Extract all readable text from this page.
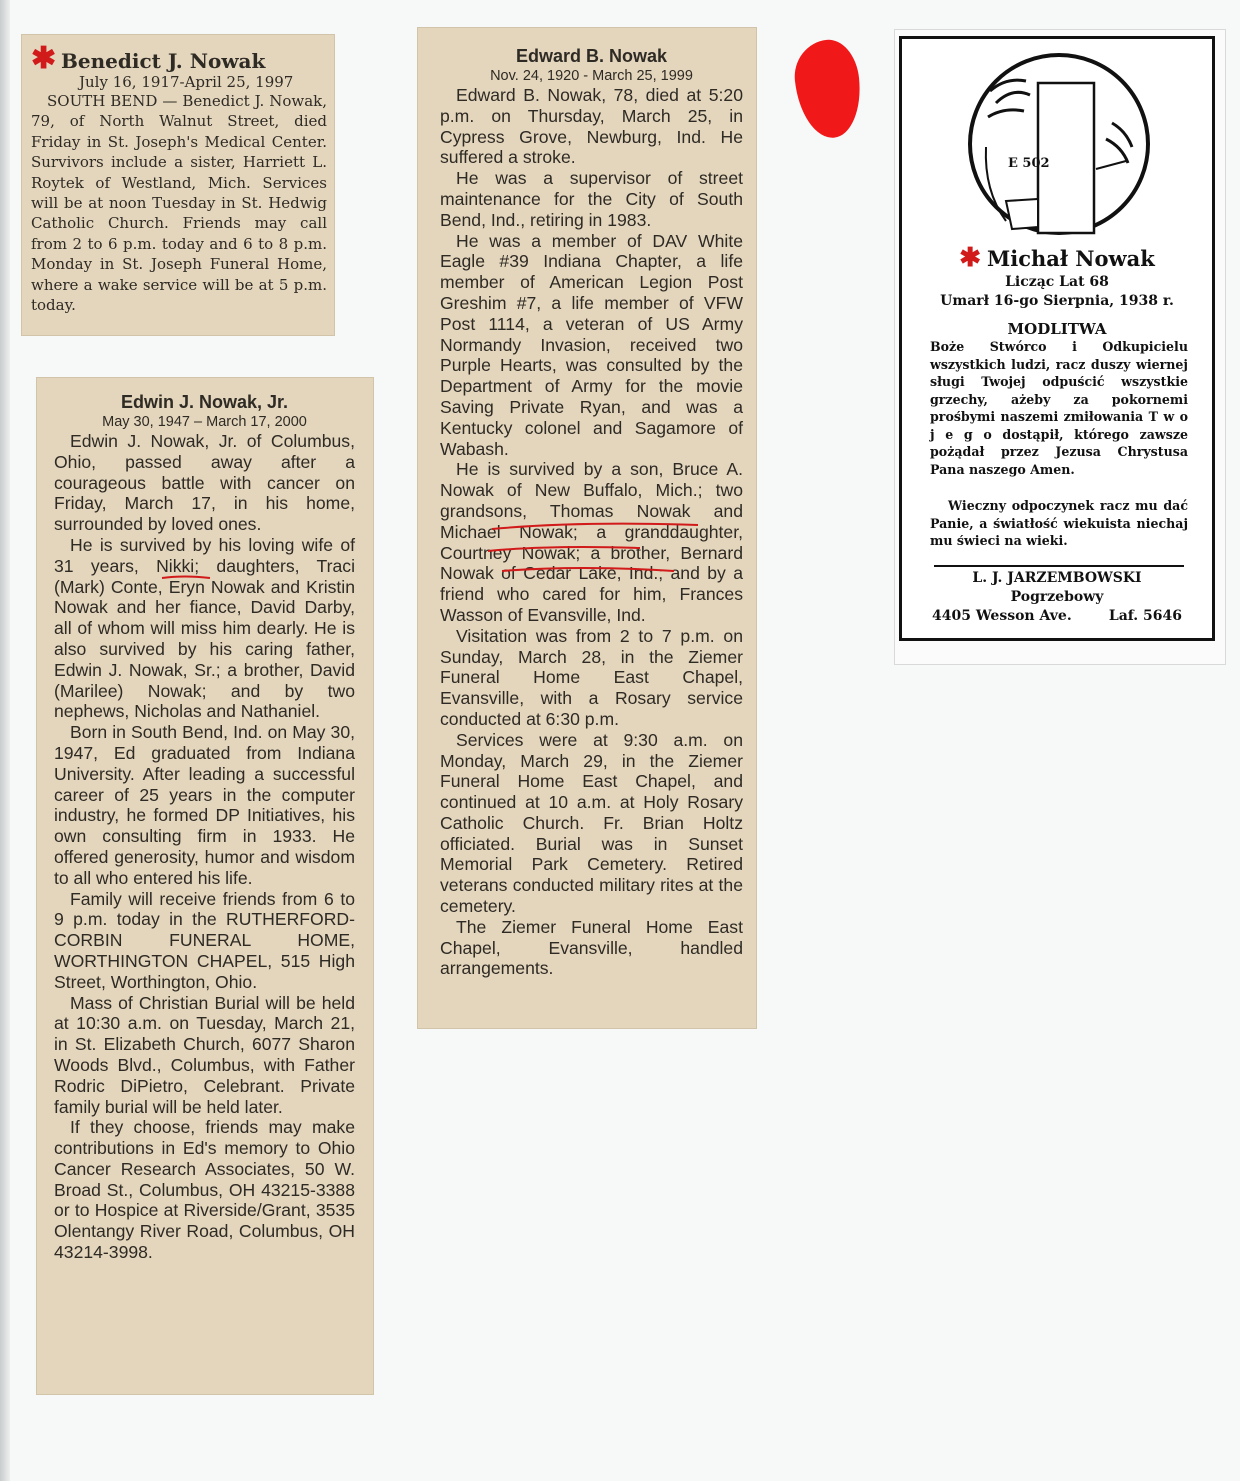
✱ Benedict J. Nowak
July 16, 1917-April 25, 1997

SOUTH BEND — Benedict J. Nowak, 79, of North Walnut Street, died Friday in St. Joseph's Medical Center. Survivors include a sister, Harriett L. Roytek of Westland, Mich. Services will be at noon Tuesday in St. Hedwig Catholic Church. Friends may call from 2 to 6 p.m. today and 6 to 8 p.m. Monday in St. Joseph Funeral Home, where a wake service will be at 5 p.m. today.

Edwin J. Nowak, Jr.
May 30, 1947 – March 17, 2000

Edwin J. Nowak, Jr. of Columbus, Ohio, passed away after a courageous battle with cancer on Friday, March 17, in his home, surrounded by loved ones.

He is survived by his loving wife of 31 years, Nikki; daughters, Traci (Mark) Conte, Eryn Nowak and Kristin Nowak and her fiance, David Darby, all of whom will miss him dearly. He is also survived by his caring father, Edwin J. Nowak, Sr.; a brother, David (Marilee) Nowak; and by two nephews, Nicholas and Nathaniel.

Born in South Bend, Ind. on May 30, 1947, Ed graduated from Indiana University. After leading a successful career of 25 years in the computer industry, he formed DP Initiatives, his own consulting firm in 1933. He offered generosity, humor and wisdom to all who entered his life.

Family will receive friends from 6 to 9 p.m. today in the RUTHERFORD-CORBIN FUNERAL HOME, WORTHINGTON CHAPEL, 515 High Street, Worthington, Ohio.

Mass of Christian Burial will be held at 10:30 a.m. on Tuesday, March 21, in St. Elizabeth Church, 6077 Sharon Woods Blvd., Columbus, with Father Rodric DiPietro, Celebrant. Private family burial will be held later.

If they choose, friends may make contributions in Ed's memory to Ohio Cancer Research Associates, 50 W. Broad St., Columbus, OH 43215-3388 or to Hospice at Riverside/Grant, 3535 Olentangy River Road, Columbus, OH 43214-3998.

Edward B. Nowak
Nov. 24, 1920 - March 25, 1999

Edward B. Nowak, 78, died at 5:20 p.m. on Thursday, March 25, in Cypress Grove, Newburg, Ind. He suffered a stroke.

He was a supervisor of street maintenance for the City of South Bend, Ind., retiring in 1983.

He was a member of DAV White Eagle #39 Indiana Chapter, a life member of American Legion Post Greshim #7, a life member of VFW Post 1114, a veteran of US Army Normandy Invasion, received two Purple Hearts, was consulted by the Department of Army for the movie Saving Private Ryan, and was a Kentucky colonel and Sagamore of Wabash.

He is survived by a son, Bruce A. Nowak of New Buffalo, Mich.; two grandsons, Thomas Nowak and Michael Nowak; a granddaughter, Courtney Nowak; a brother, Bernard Nowak of Cedar Lake, Ind.; and by a friend who cared for him, Frances Wasson of Evansville, Ind.

Visitation was from 2 to 7 p.m. on Sunday, March 28, in the Ziemer Funeral Home East Chapel, Evansville, with a Rosary service conducted at 6:30 p.m.

Services were at 9:30 a.m. on Monday, March 29, in the Ziemer Funeral Home East Chapel, and continued at 10 a.m. at Holy Rosary Catholic Church. Fr. Brian Holtz officiated. Burial was in Sunset Memorial Park Cemetery. Retired veterans conducted military rites at the cemetery.

The Ziemer Funeral Home East Chapel, Evansville, handled arrangements.

E 502
✱ Michał Nowak
Licząc Lat 68
Umarł 16-go Sierpnia, 1938 r.
MODLITWA
Boże Stwórco i Odkupicielu wszystkich ludzi, racz duszy wiernej sługi Twojej odpuścić wszystkie grzechy, ażeby za pokornemi prośbymi naszemi zmiłowania T w o j e g o dostąpił, którego zawsze pożądał przez Jezusa Chrystusa Pana naszego Amen.
Wieczny odpoczynek racz mu dać Panie, a światłość wiekuista niechaj mu świeci na wieki.
L. J. JARZEMBOWSKI
Pogrzebowy
4405 Wesson Ave.	Laf. 5646
